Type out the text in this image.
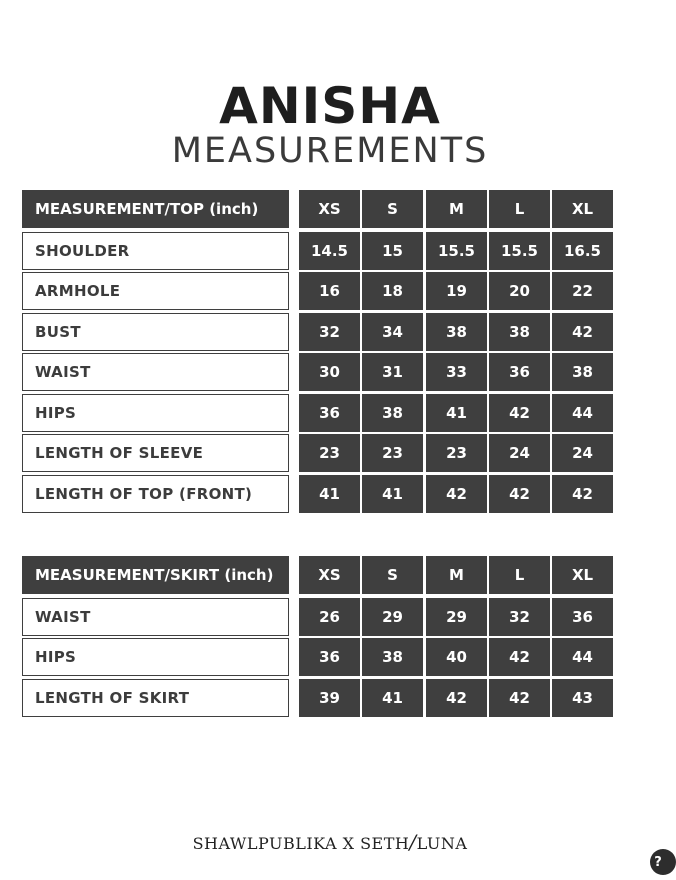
ANISHA
MEASUREMENTS
MEASUREMENT/TOP (inch)	XS	S	M	L	XL
SHOULDER	14.5	15	15.5	15.5	16.5
ARMHOLE	16	18	19	20	22
BUST	32	34	38	38	42
WAIST	30	31	33	36	38
HIPS	36	38	41	42	44
LENGTH OF SLEEVE	23	23	23	24	24
LENGTH OF TOP (FRONT)	41	41	42	42	42
MEASUREMENT/SKIRT (inch)	XS	S	M	L	XL
WAIST	26	29	29	32	36
HIPS	36	38	40	42	44
LENGTH OF SKIRT	39	41	42	42	43
SHAWLPUBLIKA X SETH/LUNA
?
